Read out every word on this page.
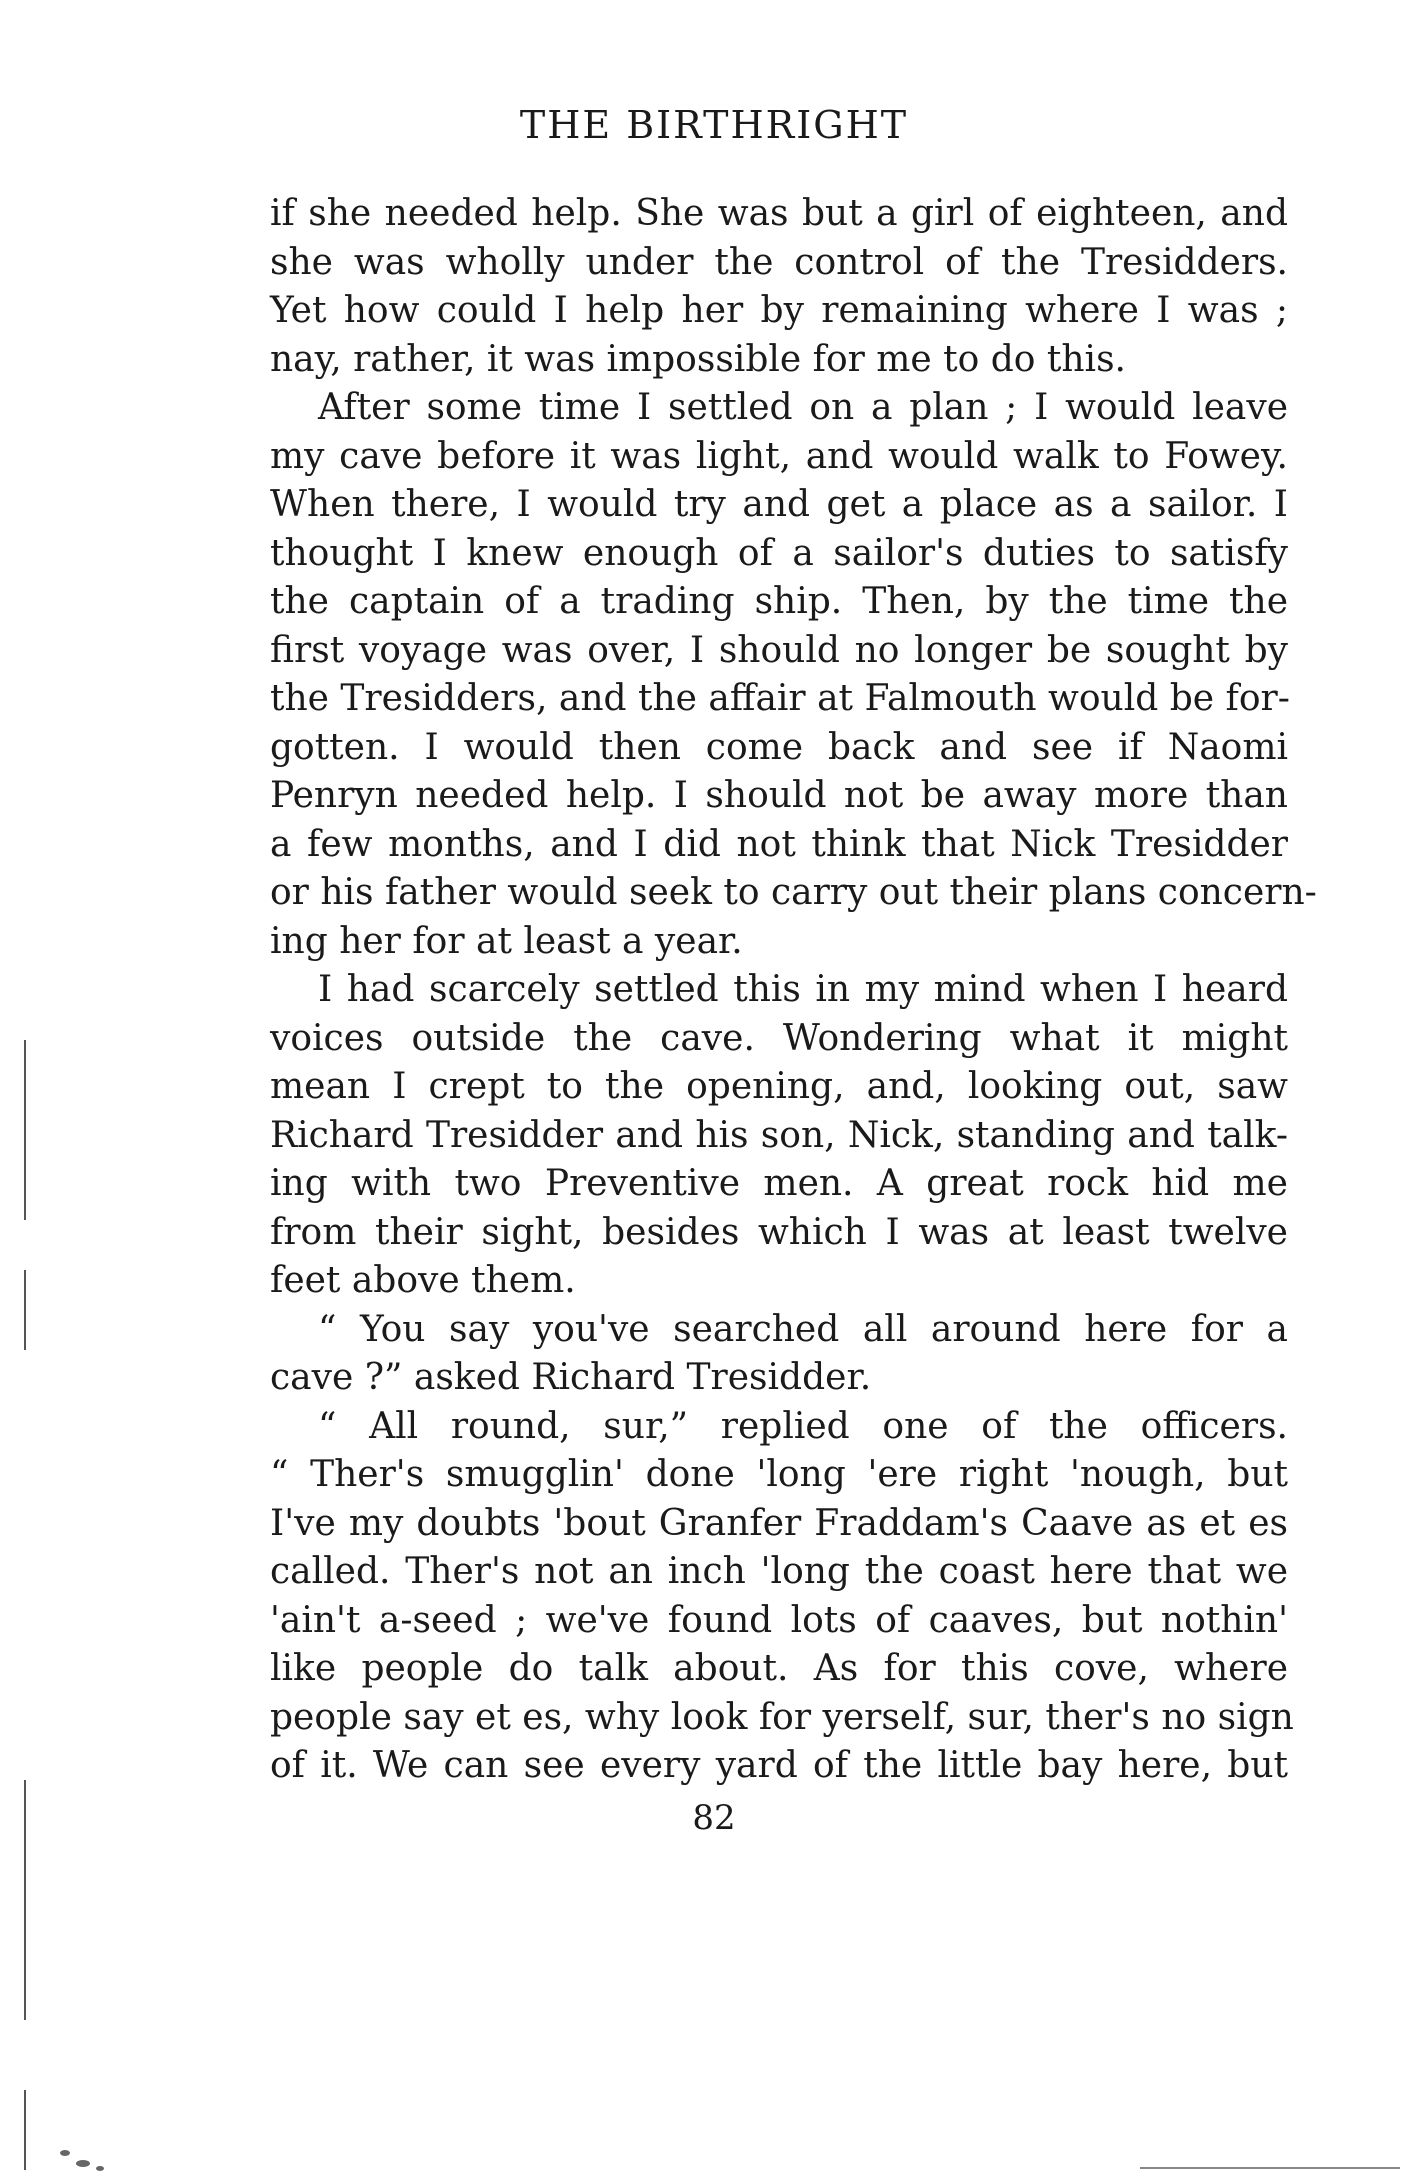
THE BIRTHRIGHT
if she needed help. She was but a girl of eighteen, and
she was wholly under the control of the Tresidders.
Yet how could I help her by remaining where I was ;
nay, rather, it was impossible for me to do this.
After some time I settled on a plan ; I would leave
my cave before it was light, and would walk to Fowey.
When there, I would try and get a place as a sailor. I
thought I knew enough of a sailor's duties to satisfy
the captain of a trading ship. Then, by the time the
first voyage was over, I should no longer be sought by
the Tresidders, and the affair at Falmouth would be for-
gotten. I would then come back and see if Naomi
Penryn needed help. I should not be away more than
a few months, and I did not think that Nick Tresidder
or his father would seek to carry out their plans concern-
ing her for at least a year.
I had scarcely settled this in my mind when I heard
voices outside the cave. Wondering what it might
mean I crept to the opening, and, looking out, saw
Richard Tresidder and his son, Nick, standing and talk-
ing with two Preventive men. A great rock hid me
from their sight, besides which I was at least twelve
feet above them.
“ You say you've searched all around here for a
cave ?” asked Richard Tresidder.
“ All round, sur,” replied one of the officers.
“ Ther's smugglin' done 'long 'ere right 'nough, but
I've my doubts 'bout Granfer Fraddam's Caave as et es
called. Ther's not an inch 'long the coast here that we
'ain't a-seed ; we've found lots of caaves, but nothin'
like people do talk about. As for this cove, where
people say et es, why look for yerself, sur, ther's no sign
of it. We can see every yard of the little bay here, but
82
